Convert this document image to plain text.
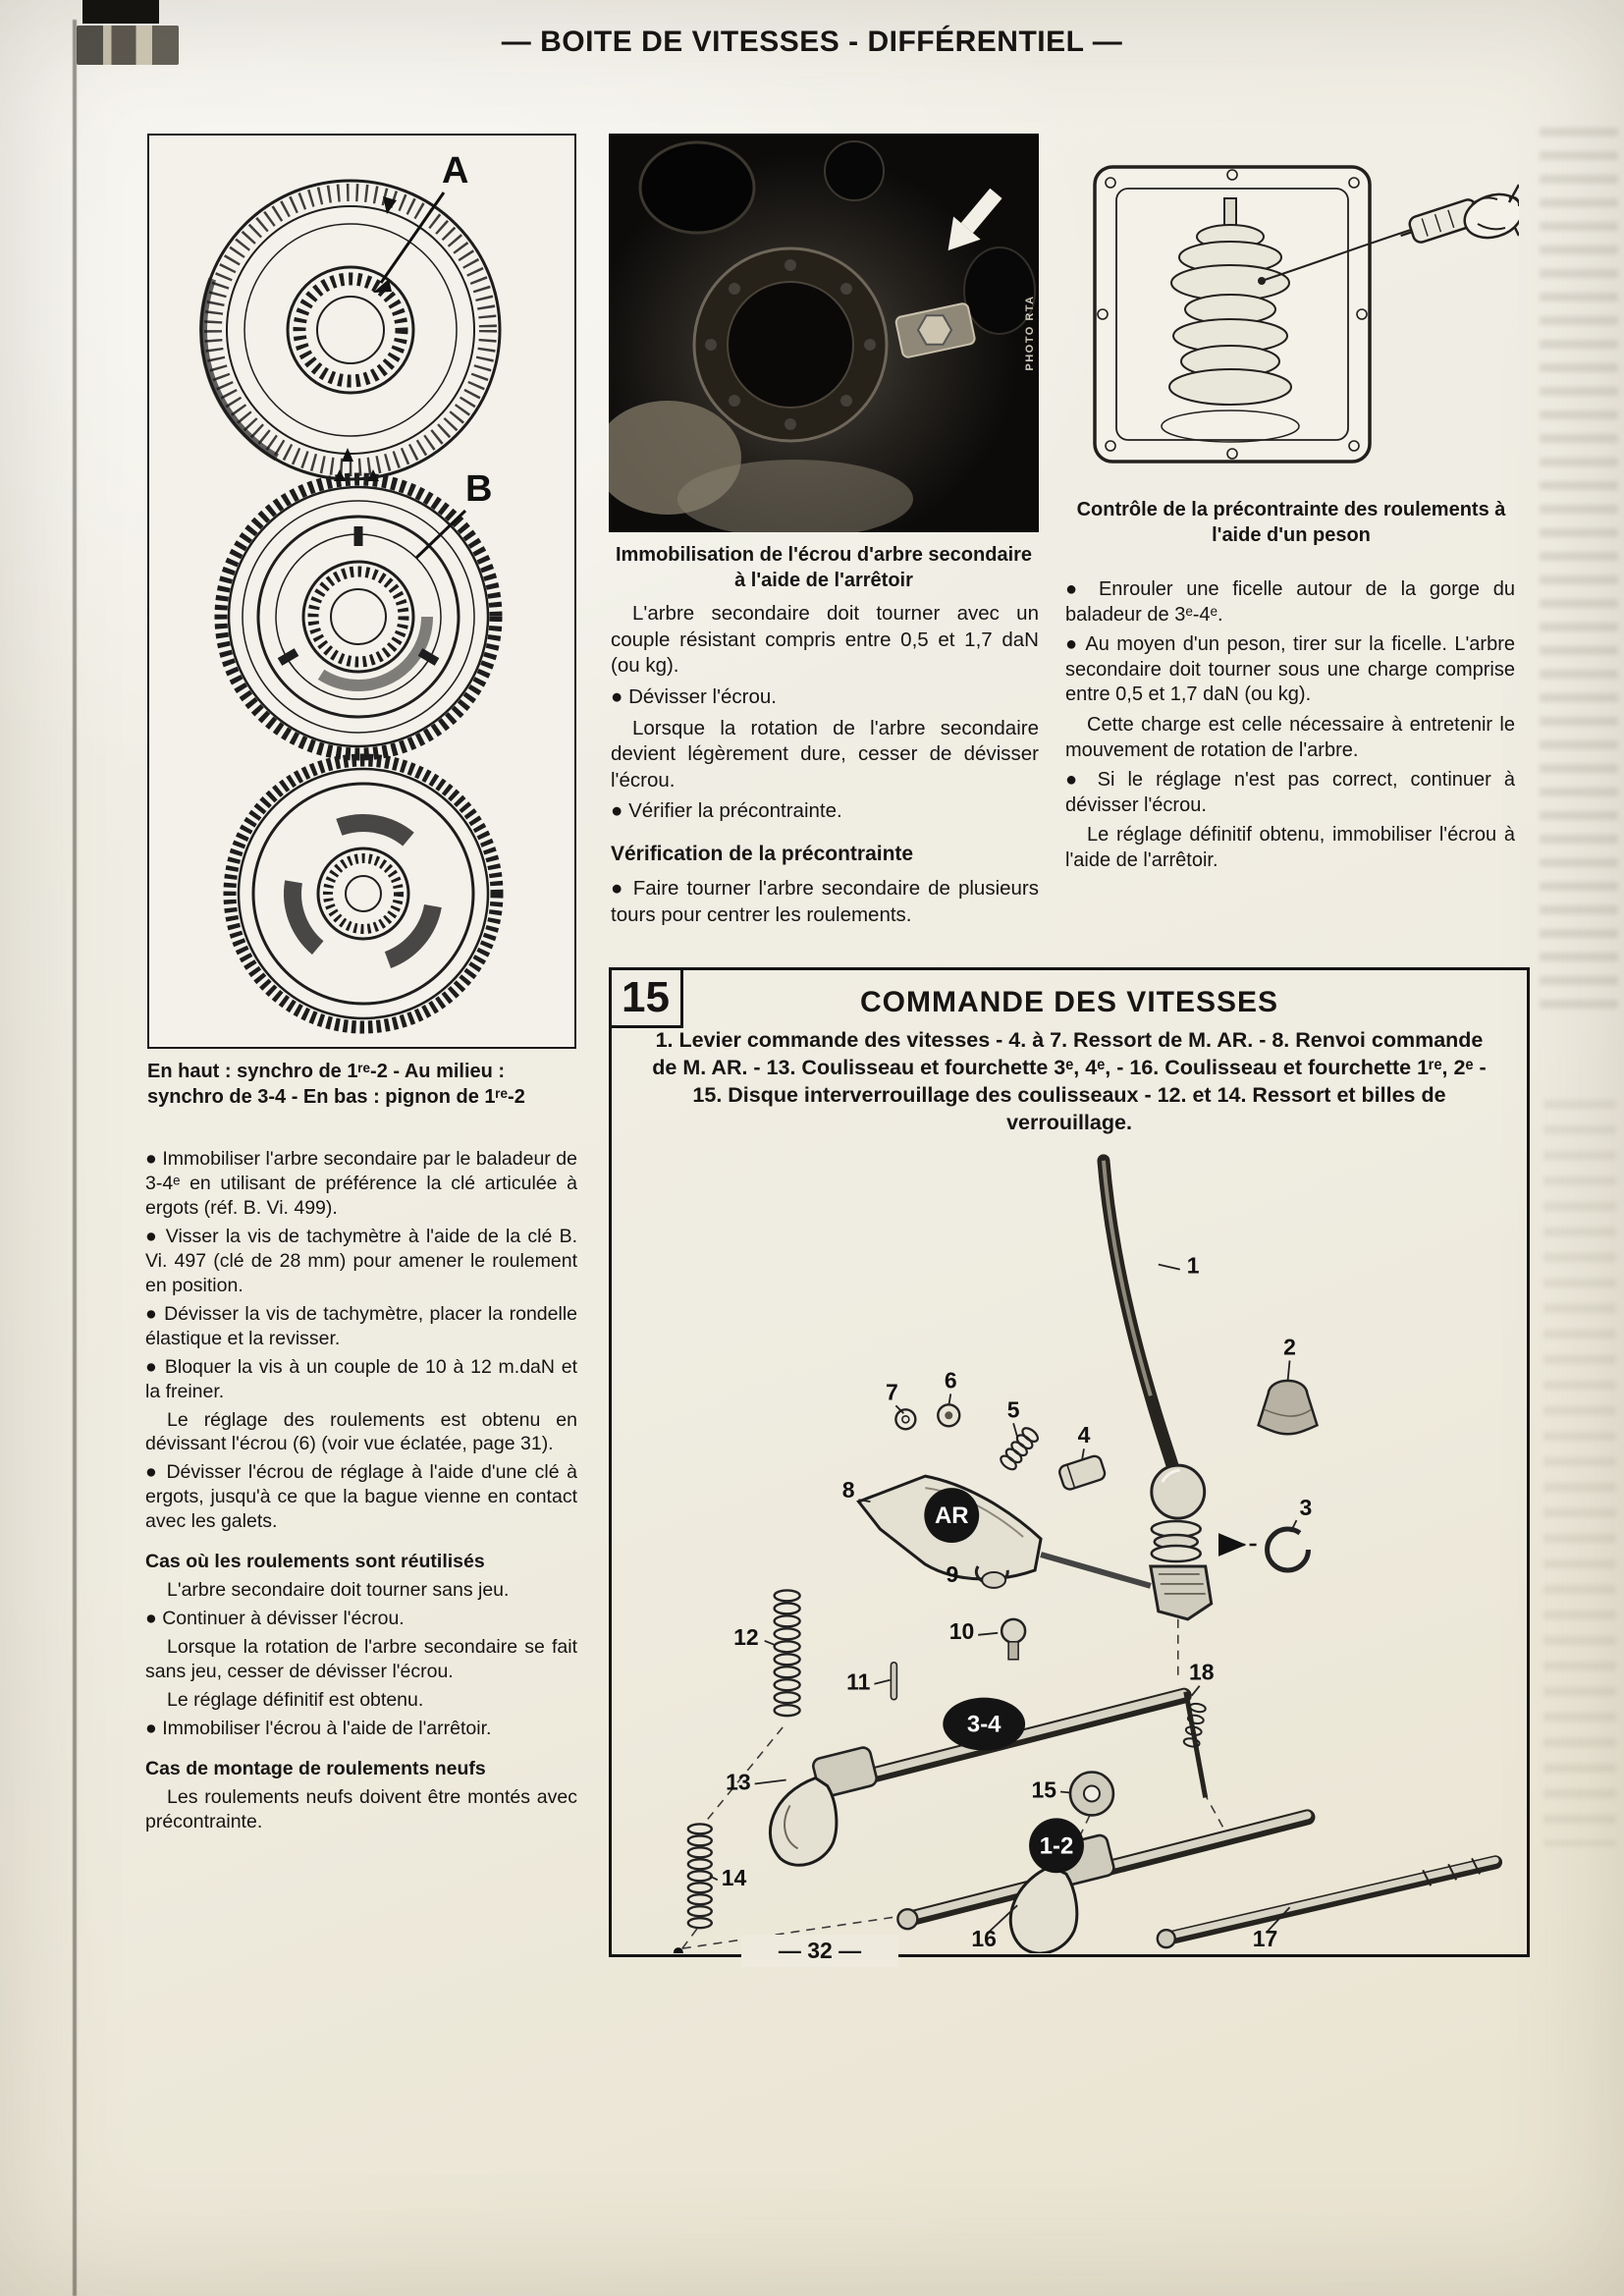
— BOITE DE VITESSES - DIFFÉRENTIEL —
A
B

En haut : synchro de 1ʳᵉ-2 - Au milieu : synchro de 3-4 - En bas : pignon de 1ʳᵉ-2

● Immobiliser l'arbre secondaire par le baladeur de 3-4ᵉ en utilisant de préférence la clé articulée à ergots (réf. B. Vi. 499).

● Visser la vis de tachymètre à l'aide de la clé B. Vi. 497 (clé de 28 mm) pour amener le roulement en position.

● Dévisser la vis de tachymètre, placer la rondelle élastique et la revisser.

● Bloquer la vis à un couple de 10 à 12 m.daN et la freiner.

Le réglage des roulements est obtenu en dévissant l'écrou (6) (voir vue éclatée, page 31).

● Dévisser l'écrou de réglage à l'aide d'une clé à ergots, jusqu'à ce que la bague vienne en contact avec les galets.

Cas où les roulements sont réutilisés

L'arbre secondaire doit tourner sans jeu.

● Continuer à dévisser l'écrou.

Lorsque la rotation de l'arbre secondaire se fait sans jeu, cesser de dévisser l'écrou.

Le réglage définitif est obtenu.

● Immobiliser l'écrou à l'aide de l'arrêtoir.

Cas de montage de roulements neufs

Les roulements neufs doivent être montés avec précontrainte.

PHOTO RTA

Immobilisation de l'écrou d'arbre secondaire à l'aide de l'arrêtoir

L'arbre secondaire doit tourner avec un couple résistant compris entre 0,5 et 1,7 daN (ou kg).

● Dévisser l'écrou.

Lorsque la rotation de l'arbre secondaire devient légèrement dure, cesser de dévisser l'écrou.

● Vérifier la précontrainte.

Vérification de la précontrainte

● Faire tourner l'arbre secondaire de plusieurs tours pour centrer les roulements.

Contrôle de la précontrainte des roulements à l'aide d'un peson

● Enrouler une ficelle autour de la gorge du baladeur de 3ᵉ-4ᵉ.

● Au moyen d'un peson, tirer sur la ficelle. L'arbre secondaire doit tourner sous une charge comprise entre 0,5 et 1,7 daN (ou kg).

Cette charge est celle nécessaire à entretenir le mouvement de rotation de l'arbre.

● Si le réglage n'est pas correct, continuer à dévisser l'écrou.

Le réglage définitif obtenu, immobiliser l'écrou à l'aide de l'arrêtoir.

15	COMMANDE DES VITESSES

1. Levier commande des vitesses - 4. à 7. Ressort de M. AR. - 8. Renvoi commande de M. AR. - 13. Coulisseau et fourchette 3ᵉ, 4ᵉ, - 16. Coulisseau et fourchette 1ʳᵉ, 2ᵉ - 15. Disque interverrouillage des coulisseaux - 12. et 14. Ressort et billes de verrouillage.

AR
3-4
1-2
1
2
3
4
5
6
7
8
9
10
11
12
13
14
15
16	17
18
— 32 —
